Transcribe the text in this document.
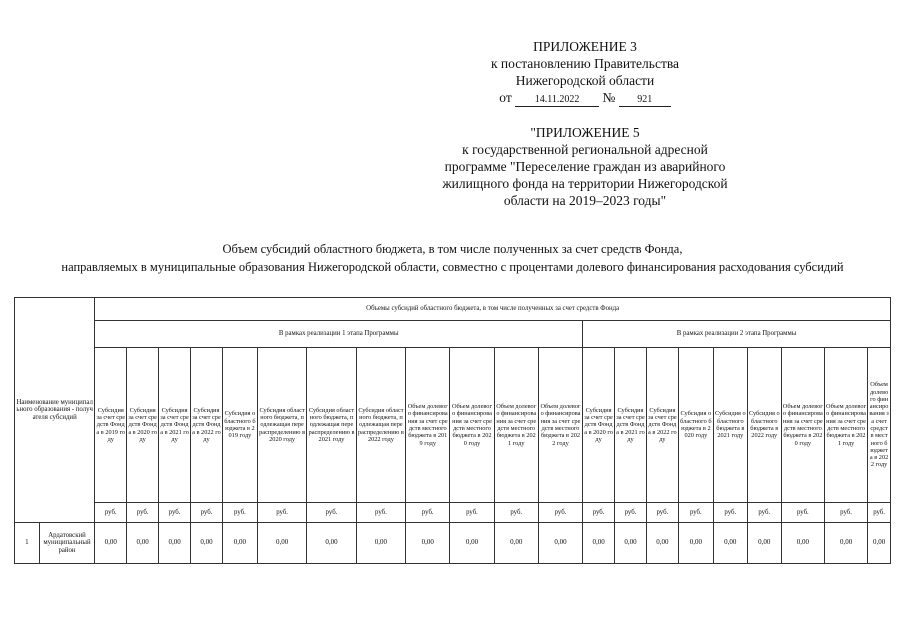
ПРИЛОЖЕНИЕ 3
к постановлению Правительства
Нижегородской области
от 14.11.2022 № 921
"ПРИЛОЖЕНИЕ 5
к государственной региональной адресной
программе "Переселение граждан из аварийного
жилищного фонда на территории Нижегородской
области на 2019–2023 годы"
Объем субсидий областного бюджета, в том числе полученных за счет средств Фонда,
направляемых в муниципальные образования Нижегородской области, совместно с процентами долевого финансирования расходования субсидий
Наименование муниципального образования - получателя субсидий		Объемы субсидий областного бюджета, в том числе полученных за счет средств Фонда																				
		В рамках реализации 1 этапа Программы												В рамках реализации 2 этапа Программы								
		Субсидия за счет средств Фонда в 2019 году	Субсидия за счет средств Фонда в 2020 году	Субсидия за счет средств Фонда в 2021 году	Субсидия за счет средств Фонда в 2022 году	Субсидия областного бюджета в 2019 году	Субсидия областного бюджета, подлежащая перераспределению в 2020 году	Субсидия областного бюджета, подлежащая перераспределению в 2021 году	Субсидия областного бюджета, подлежащая перераспределению в 2022 году	Объем долевого финансирования за счет средств местного бюджета в 2019 году	Объем долевого финансирования за счет средств местного бюджета в 2020 году	Объем долевого финансирования за счет средств местного бюджета в 2021 году	Объем долевого финансирования за счет средств местного бюджета в 2022 году	Субсидия за счет средств Фонда в 2020 году	Субсидия за счет средств Фонда в 2021 году	Субсидия за счет средств Фонда в 2022 году	Субсидия областного бюджета в 2020 году	Субсидия областного бюджета в 2021 году	Субсидия областного бюджета в 2022 году	Объем долевого финансирования за счет средств местного бюджета в 2020 году	Объем долевого финансирования за счет средств местного бюджета в 2021 году	Объем долевого финансирования за счет средств местного бюджета в 2022 году
		руб.	руб.	руб.	руб.	руб.	руб.	руб.	руб.	руб.	руб.	руб.	руб.	руб.	руб.	руб.	руб.	руб.	руб.	руб.	руб.	руб.
1	Ардатовский муниципальный район	0,00	0,00	0,00	0,00	0,00	0,00	0,00	0,00	0,00	0,00	0,00	0,00	0,00	0,00	0,00	0,00	0,00	0,00	0,00	0,00	0,00
